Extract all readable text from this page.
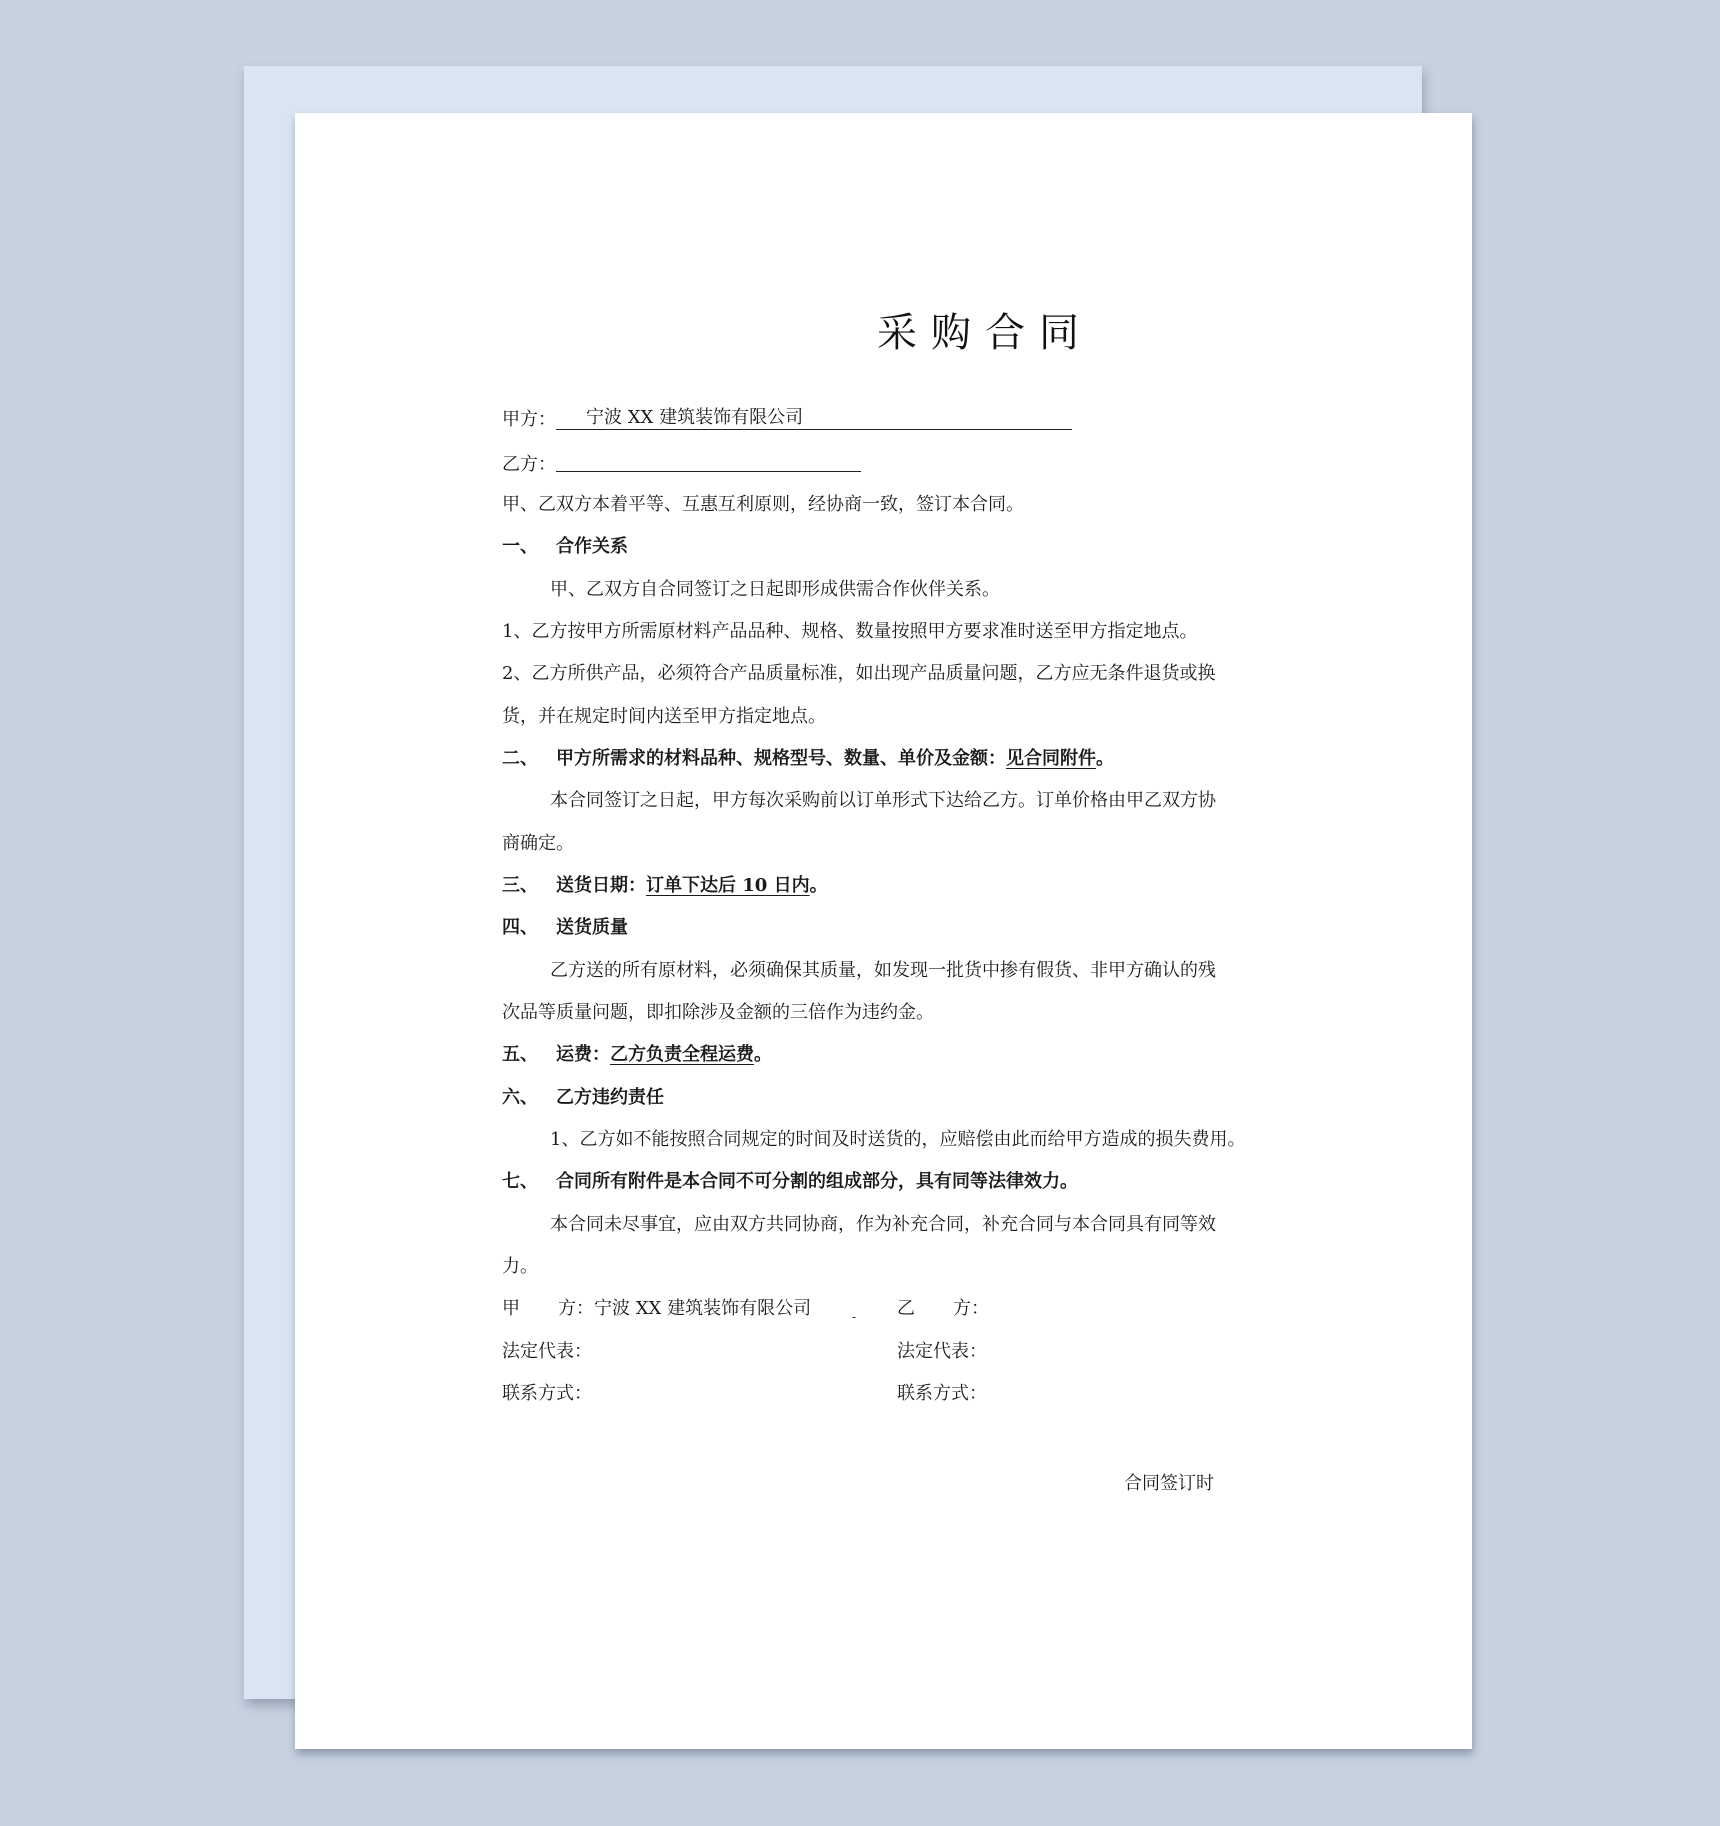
采购合同
甲方： 宁波 XX 建筑装饰有限公司
乙方：
甲、乙双方本着平等、互惠互利原则，经协商一致，签订本合同。
一、 合作关系
甲、乙双方自合同签订之日起即形成供需合作伙伴关系。
1、乙方按甲方所需原材料产品品种、规格、数量按照甲方要求准时送至甲方指定地点。
2、乙方所供产品，必须符合产品质量标准，如出现产品质量问题，乙方应无条件退货或换
货，并在规定时间内送至甲方指定地点。
二、 甲方所需求的材料品种、规格型号、数量、单价及金额：见合同附件。
本合同签订之日起，甲方每次采购前以订单形式下达给乙方。订单价格由甲乙双方协
商确定。
三、 送货日期：订单下达后 10 日内。
四、 送货质量
乙方送的所有原材料，必须确保其质量，如发现一批货中掺有假货、非甲方确认的残
次品等质量问题，即扣除涉及金额的三倍作为违约金。
五、 运费：乙方负责全程运费。
六、 乙方违约责任
1、乙方如不能按照合同规定的时间及时送货的，应赔偿由此而给甲方造成的损失费用。
七、 合同所有附件是本合同不可分割的组成部分，具有同等法律效力。
本合同未尽事宜，应由双方共同协商，作为补充合同，补充合同与本合同具有同等效
力。
甲 方：宁波 XX 建筑装饰有限公司	- 乙 方：
法定代表：	法定代表：
联系方式：	联系方式：
合同签订时
